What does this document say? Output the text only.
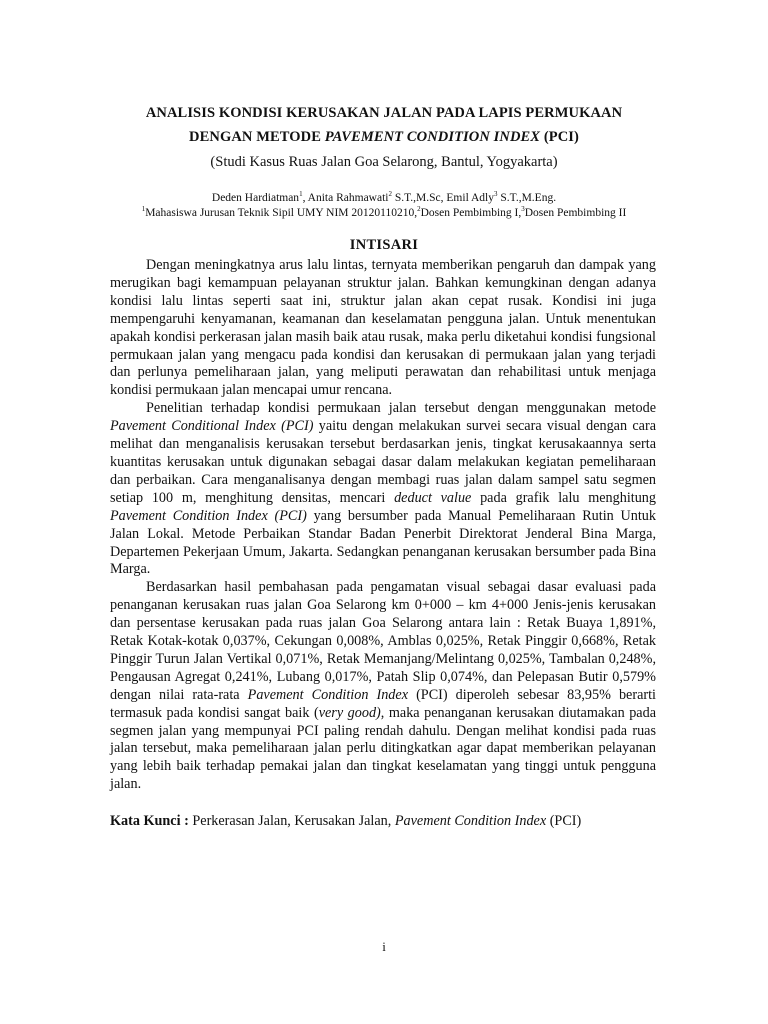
ANALISIS KONDISI KERUSAKAN JALAN PADA LAPIS PERMUKAAN
DENGAN METODE PAVEMENT CONDITION INDEX (PCI)
(Studi Kasus Ruas Jalan Goa Selarong, Bantul, Yogyakarta)
Deden Hardiatman$^1$, Anita Rahmawati$^2$ S.T.,M.Sc, Emil Adly$^3$ S.T.,M.Eng.
$^1$Mahasiswa Jurusan Teknik Sipil UMY NIM 20120110210,$^2$Dosen Pembimbing I,$^3$Dosen Pembimbing II
INTISARI

Dengan meningkatnya arus lalu lintas, ternyata memberikan pengaruh dan dampak yang merugikan bagi kemampuan pelayanan struktur jalan. Bahkan kemungkinan dengan adanya kondisi lalu lintas seperti saat ini, struktur jalan akan cepat rusak. Kondisi ini juga mempengaruhi kenyamanan, keamanan dan keselamatan pengguna jalan. Untuk menentukan apakah kondisi perkerasan jalan masih baik atau rusak, maka perlu diketahui kondisi fungsional permukaan jalan yang mengacu pada kondisi dan kerusakan di permukaan jalan yang terjadi dan perlunya pemeliharaan jalan, yang meliputi perawatan dan rehabilitasi untuk menjaga kondisi permukaan jalan mencapai umur rencana.

Penelitian terhadap kondisi permukaan jalan tersebut dengan menggunakan metode Pavement Conditional Index (PCI) yaitu dengan melakukan survei secara visual dengan cara melihat dan menganalisis kerusakan tersebut berdasarkan jenis, tingkat kerusakaannya serta kuantitas kerusakan untuk digunakan sebagai dasar dalam melakukan kegiatan pemeliharaan dan perbaikan. Cara menganalisanya dengan membagi ruas jalan dalam sampel satu segmen setiap 100 m, menghitung densitas, mencari deduct value pada grafik lalu menghitung Pavement Condition Index (PCI) yang bersumber pada Manual Pemeliharaan Rutin Untuk Jalan Lokal. Metode Perbaikan Standar Badan Penerbit Direktorat Jenderal Bina Marga, Departemen Pekerjaan Umum, Jakarta. Sedangkan penanganan kerusakan bersumber pada Bina Marga.

Berdasarkan hasil pembahasan pada pengamatan visual sebagai dasar evaluasi pada penanganan kerusakan ruas jalan Goa Selarong km 0+000 – km 4+000 Jenis-jenis kerusakan dan persentase kerusakan pada ruas jalan Goa Selarong antara lain : Retak Buaya 1,891%, Retak Kotak-kotak 0,037%, Cekungan 0,008%, Amblas 0,025%, Retak Pinggir 0,668%, Retak Pinggir Turun Jalan Vertikal 0,071%, Retak Memanjang/Melintang 0,025%, Tambalan 0,248%, Pengausan Agregat 0,241%, Lubang 0,017%, Patah Slip 0,074%, dan Pelepasan Butir 0,579% dengan nilai rata-rata Pavement Condition Index (PCI) diperoleh sebesar 83,95% berarti termasuk pada kondisi sangat baik (very good), maka penanganan kerusakan diutamakan pada segmen jalan yang mempunyai PCI paling rendah dahulu. Dengan melihat kondisi pada ruas jalan tersebut, maka pemeliharaan jalan perlu ditingkatkan agar dapat memberikan pelayanan yang lebih baik terhadap pemakai jalan dan tingkat keselamatan yang tinggi untuk pengguna jalan.

Kata Kunci : Perkerasan Jalan, Kerusakan Jalan, Pavement Condition Index (PCI)
i
